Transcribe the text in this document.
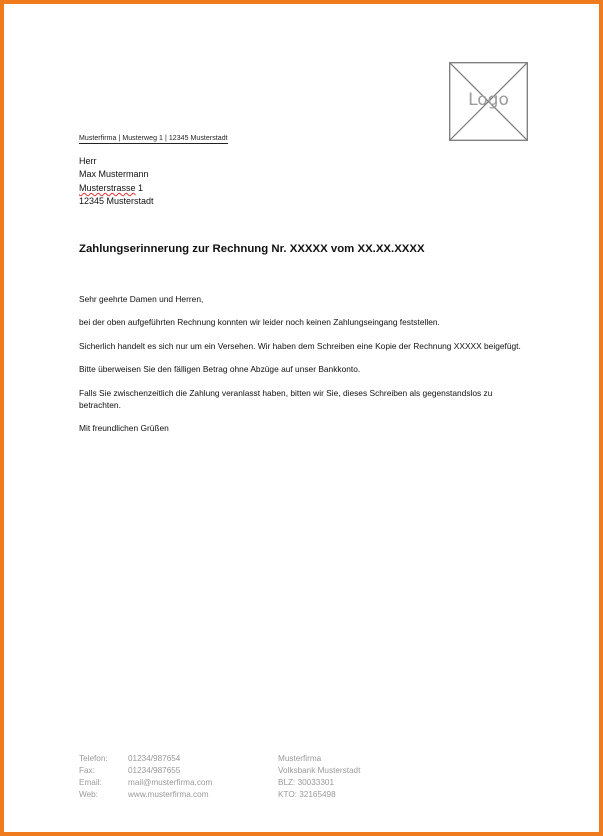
Logo
Musterfirma | Musterweg 1 | 12345 Musterstadt
Herr
Max Mustermann
Musterstrasse 1
12345 Musterstadt
Zahlungserinnerung zur Rechnung Nr. XXXXX vom XX.XX.XXXX

Sehr geehrte Damen und Herren,

bei der oben aufgeführten Rechnung konnten wir leider noch keinen Zahlungseingang feststellen.

Sicherlich handelt es sich nur um ein Versehen. Wir haben dem Schreiben eine Kopie der Rechnung XXXXX beigefügt.

Bitte überweisen Sie den fälligen Betrag ohne Abzüge auf unser Bankkonto.

Falls Sie zwischenzeitlich die Zahlung veranlasst haben, bitten wir Sie, dieses Schreiben als gegenstandslos zu betrachten.

Mit freundlichen Grüßen

Telefon: 01234/987654	Musterfirma
Fax:	01234/987655	Volksbank Musterstadt
Email:	mail@musterfirma.com	BLZ: 30033301
Web:	www.musterfirma.com	KTO: 32165498
